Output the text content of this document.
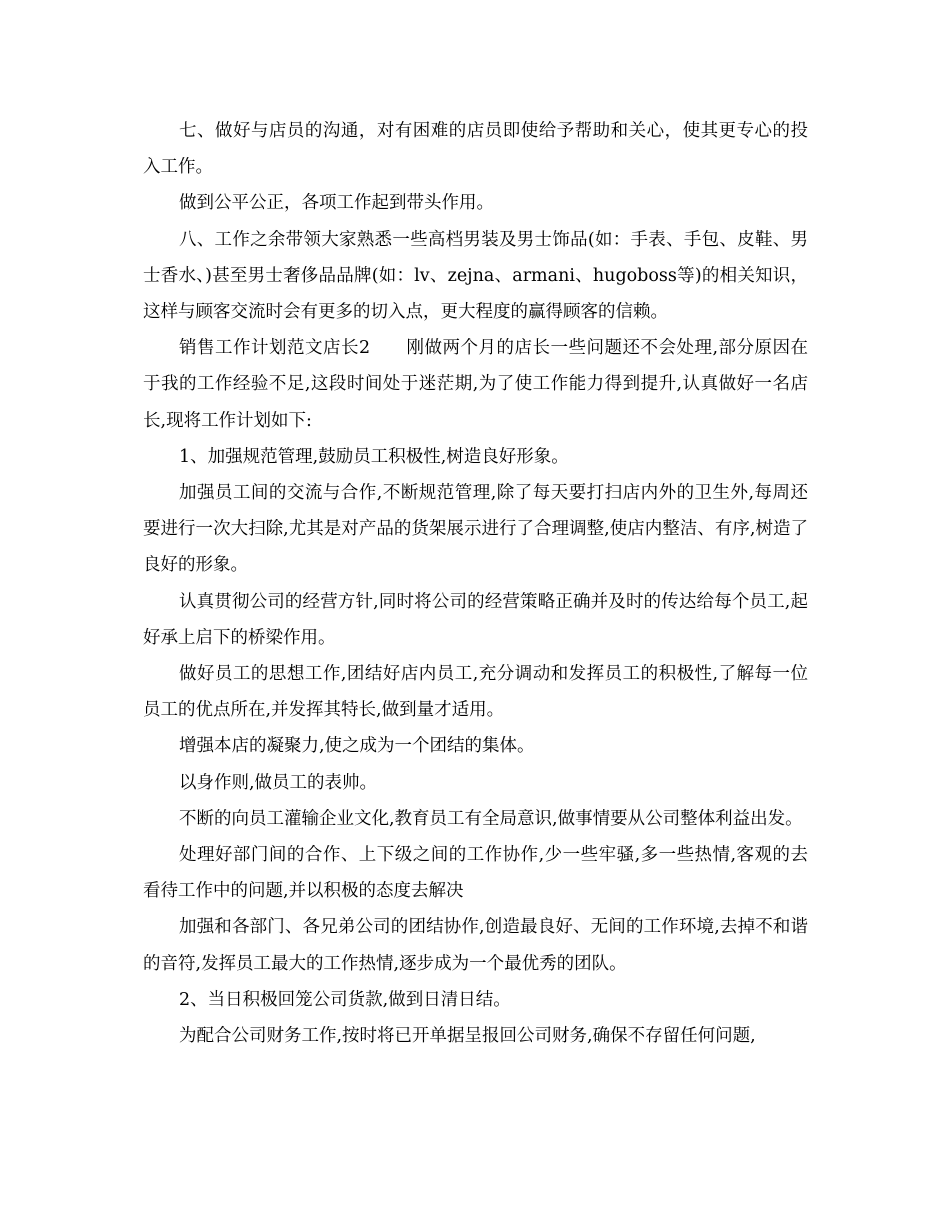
七、做好与店员的沟通，对有困难的店员即使给予帮助和关心，使其更专心的投入工作。

做到公平公正，各项工作起到带头作用。

八、工作之余带领大家熟悉一些高档男装及男士饰品(如：手表、手包、皮鞋、男士香水、)甚至男士奢侈品品牌(如：lv、zejna、armani、hugoboss等)的相关知识，这样与顾客交流时会有更多的切入点，更大程度的赢得顾客的信赖。

销售工作计划范文店长2　　刚做两个月的店长一些问题还不会处理,部分原因在于我的工作经验不足,这段时间处于迷茫期,为了使工作能力得到提升,认真做好一名店长,现将工作计划如下:

1、加强规范管理,鼓励员工积极性,树造良好形象。

加强员工间的交流与合作,不断规范管理,除了每天要打扫店内外的卫生外,每周还要进行一次大扫除,尤其是对产品的货架展示进行了合理调整,使店内整洁、有序,树造了良好的形象。

认真贯彻公司的经营方针,同时将公司的经营策略正确并及时的传达给每个员工,起好承上启下的桥梁作用。

做好员工的思想工作,团结好店内员工,充分调动和发挥员工的积极性,了解每一位员工的优点所在,并发挥其特长,做到量才适用。

增强本店的凝聚力,使之成为一个团结的集体。

以身作则,做员工的表帅。

不断的向员工灌输企业文化,教育员工有全局意识,做事情要从公司整体利益出发。

处理好部门间的合作、上下级之间的工作协作,少一些牢骚,多一些热情,客观的去看待工作中的问题,并以积极的态度去解决

加强和各部门、各兄弟公司的团结协作,创造最良好、无间的工作环境,去掉不和谐的音符,发挥员工最大的工作热情,逐步成为一个最优秀的团队。

2、当日积极回笼公司货款,做到日清日结。

为配合公司财务工作,按时将已开单据呈报回公司财务,确保不存留任何问题,
